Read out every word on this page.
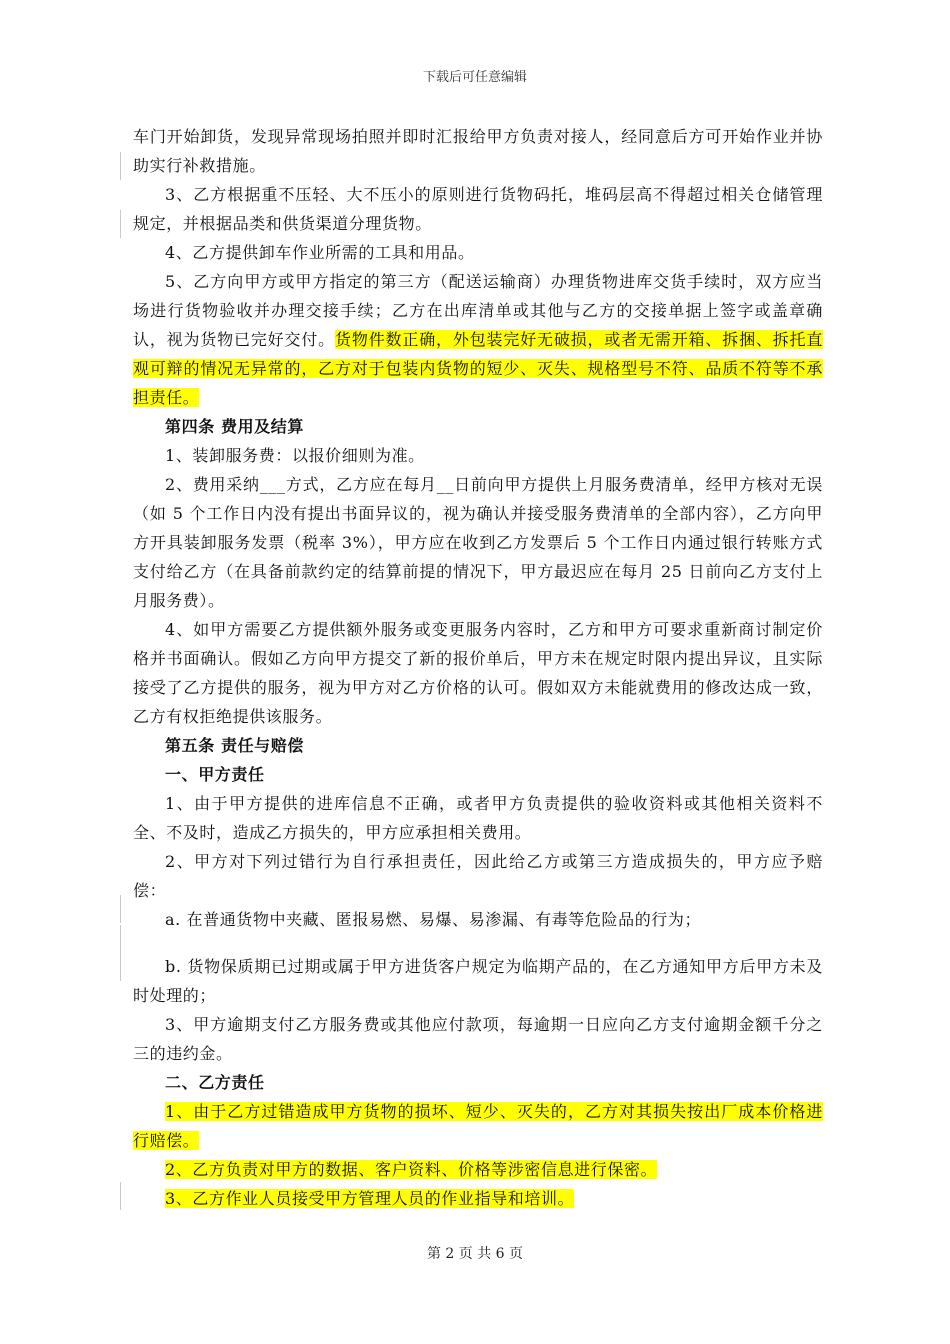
下载后可任意编辑

车门开始卸货，发现异常现场拍照并即时汇报给甲方负责对接人，经同意后方可开始作业并协助实行补救措施。

3、乙方根据重不压轻、大不压小的原则进行货物码托，堆码层高不得超过相关仓储管理规定，并根据品类和供货渠道分理货物。

4、乙方提供卸车作业所需的工具和用品。

5、乙方向甲方或甲方指定的第三方（配送运输商）办理货物进库交货手续时，双方应当场进行货物验收并办理交接手续；乙方在出库清单或其他与乙方的交接单据上签字或盖章确认，视为货物已完好交付。货物件数正确，外包装完好无破损，或者无需开箱、拆捆、拆托直观可辩的情况无异常的，乙方对于包装内货物的短少、灭失、规格型号不符、品质不符等不承担责任。

第四条 费用及结算

1、装卸服务费：以报价细则为准。

2、费用采纳___方式，乙方应在每月__日前向甲方提供上月服务费清单，经甲方核对无误（如 5 个工作日内没有提出书面异议的，视为确认并接受服务费清单的全部内容），乙方向甲方开具装卸服务发票（税率 3%），甲方应在收到乙方发票后 5 个工作日内通过银行转账方式支付给乙方（在具备前款约定的结算前提的情况下，甲方最迟应在每月 25 日前向乙方支付上月服务费）。

4、如甲方需要乙方提供额外服务或变更服务内容时，乙方和甲方可要求重新商讨制定价格并书面确认。假如乙方向甲方提交了新的报价单后，甲方未在规定时限内提出异议，且实际接受了乙方提供的服务，视为甲方对乙方价格的认可。假如双方未能就费用的修改达成一致，乙方有权拒绝提供该服务。

第五条 责任与赔偿

一、甲方责任

1、由于甲方提供的进库信息不正确，或者甲方负责提供的验收资料或其他相关资料不全、不及时，造成乙方损失的，甲方应承担相关费用。

2、甲方对下列过错行为自行承担责任，因此给乙方或第三方造成损失的，甲方应予赔偿：

a. 在普通货物中夹藏、匿报易燃、易爆、易渗漏、有毒等危险品的行为；

b. 货物保质期已过期或属于甲方进货客户规定为临期产品的，在乙方通知甲方后甲方未及时处理的；

3、甲方逾期支付乙方服务费或其他应付款项，每逾期一日应向乙方支付逾期金额千分之三的违约金。

二、乙方责任

1、由于乙方过错造成甲方货物的损坏、短少、灭失的，乙方对其损失按出厂成本价格进行赔偿。

2、乙方负责对甲方的数据、客户资料、价格等涉密信息进行保密。

3、乙方作业人员接受甲方管理人员的作业指导和培训。

第 2 页 共 6 页
